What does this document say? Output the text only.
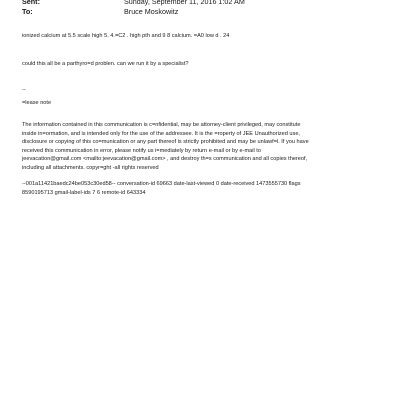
Sent:	Sunday, September 11, 2016 1:02 AM
To:	Bruce Moskowitz

ionized calcium at 5.5 scale high 5. 4.=C2 . high pth and 9 8 calcium. =A0 low d . 24

could this all be a parthyro=d problen. can we run it by a specialist?

--

=lease note

The information contained in this communication is c=nfidential, may be attorney-client privileged, may constitute
inside in=ormation, and is intended only for the use of the addressee. It is the =roperty of JEE Unauthorized use,
disclosure or copying of this co=munication or any part thereof is strictly prohibited and may be unlawf=l. If you have
received this communication in error, please notify us i=mediately by return e-mail or by e-mail to
jeevacation@gmail.com <mailto:jeevacation@gmail.com> , and destroy th=s communication and all copies thereof,
including all attachments. copyr=ght -all rights reserved

--001a11421baedc24be053c30ed58-- conversation-id 69663 date-last-viewed 0 date-received 1473555730 flags
8590195713 gmail-label-ids 7 6 remote-id 643334
